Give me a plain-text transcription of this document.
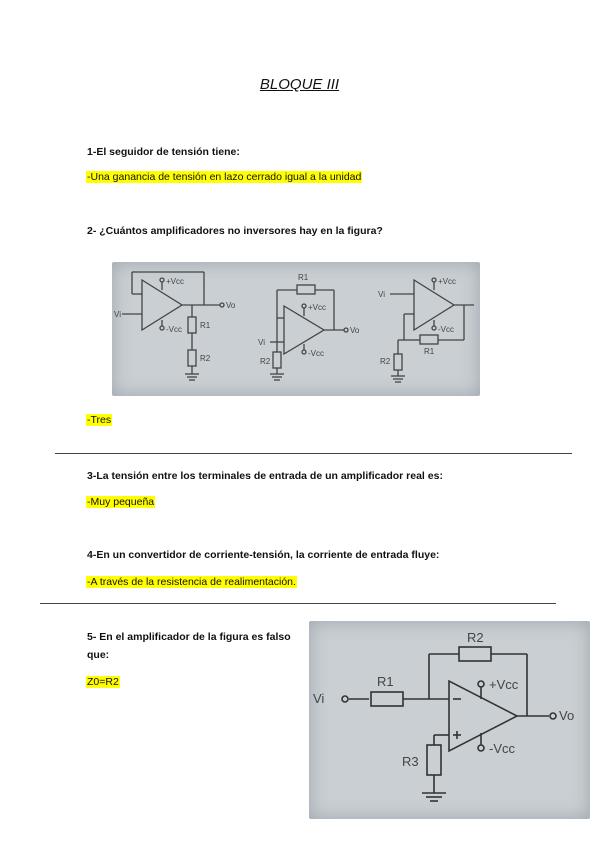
BLOQUE III
1-El seguidor de tensión tiene:
-Una ganancia de tensión en lazo cerrado igual a la unidad
2- ¿Cuántos amplificadores no inversores hay en la figura?
+Vcc
-Vcc
Vo
Vi
R1
R2
R1
+Vcc
-Vcc
Vo
Vi
R2
+Vcc
-Vcc
Vi
R1
R2
-Tres
3-La tensión entre los terminales de entrada de un amplificador real es:
-Muy pequeña
4-En un convertidor de corriente-tensión, la corriente de entrada fluye:
-A través de la resistencia de realimentación.
5- En el amplificador de la figura es falso
que:
Z0=R2
Vi
R1
R2
+Vcc
-Vcc
Vo
R3
